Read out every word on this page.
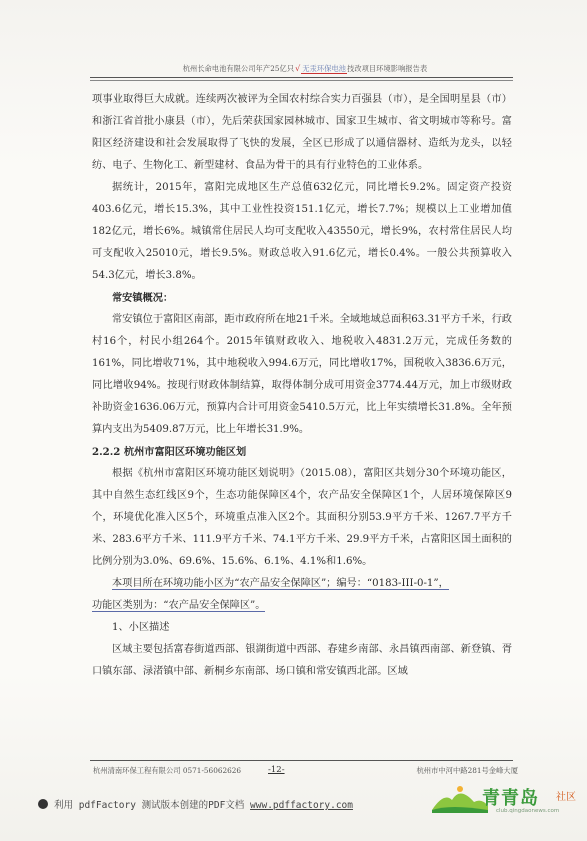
杭州长命电池有限公司年产25亿只√ 无汞环保电池技改项目环境影响报告表

项事业取得巨大成就。连续两次被评为全国农村综合实力百强县（市），是全国明星县（市）和浙江省首批小康县（市），先后荣获国家园林城市、国家卫生城市、省文明城市等称号。富阳区经济建设和社会发展取得了飞快的发展，全区已形成了以通信器材、造纸为龙头，以轻纺、电子、生物化工、新型建材、食品为骨干的具有行业特色的工业体系。

据统计，2015年，富阳完成地区生产总值632亿元，同比增长9.2%。固定资产投资403.6亿元，增长15.3%，其中工业性投资151.1亿元，增长7.7%；规模以上工业增加值182亿元，增长6%。城镇常住居民人均可支配收入43550元，增长9%，农村常住居民人均可支配收入25010元，增长9.5%。财政总收入91.6亿元，增长0.4%。一般公共预算收入54.3亿元，增长3.8%。

常安镇概况：

常安镇位于富阳区南部，距市政府所在地21千米。全域地域总面积63.31平方千米，行政村16个，村民小组264个。2015年镇财政收入、地税收入4831.2万元，完成任务数的161%，同比增收71%，其中地税收入994.6万元，同比增收17%，国税收入3836.6万元，同比增收94%。按现行财政体制结算，取得体制分成可用资金3774.44万元，加上市级财政补助资金1636.06万元，预算内合计可用资金5410.5万元，比上年实绩增长31.8%。全年预算内支出为5409.87万元，比上年增长31.9%。

2.2.2 杭州市富阳区环境功能区划

根据《杭州市富阳区环境功能区划说明》（2015.08），富阳区共划分30个环境功能区，其中自然生态红线区9个，生态功能保障区4个，农产品安全保障区1个，人居环境保障区9个，环境优化准入区5个，环境重点准入区2个。其面积分别53.9平方千米、1267.7平方千米、283.6平方千米、111.9平方千米、74.1平方千米、29.9平方千米，占富阳区国土面积的比例分别为3.0%、69.6%、15.6%、6.1%、4.1%和1.6%。

本项目所在环境功能小区为“农产品安全保障区”；编号：“0183-III-0-1”，

功能区类别为：“农产品安全保障区”。

1、小区描述

区域主要包括富春街道西部、银湖街道中西部、春建乡南部、永昌镇西南部、新登镇、胥口镇东部、渌渚镇中部、新桐乡东南部、场口镇和常安镇西北部。区域

杭州清南环保工程有限公司 0571-56062626	-12-	杭州市中河中路281号金峰大厦
利用 pdfFactory 测试版本创建的PDF文档 www.pdffactory.com	青青岛 社区
club.qingdaonews.com
